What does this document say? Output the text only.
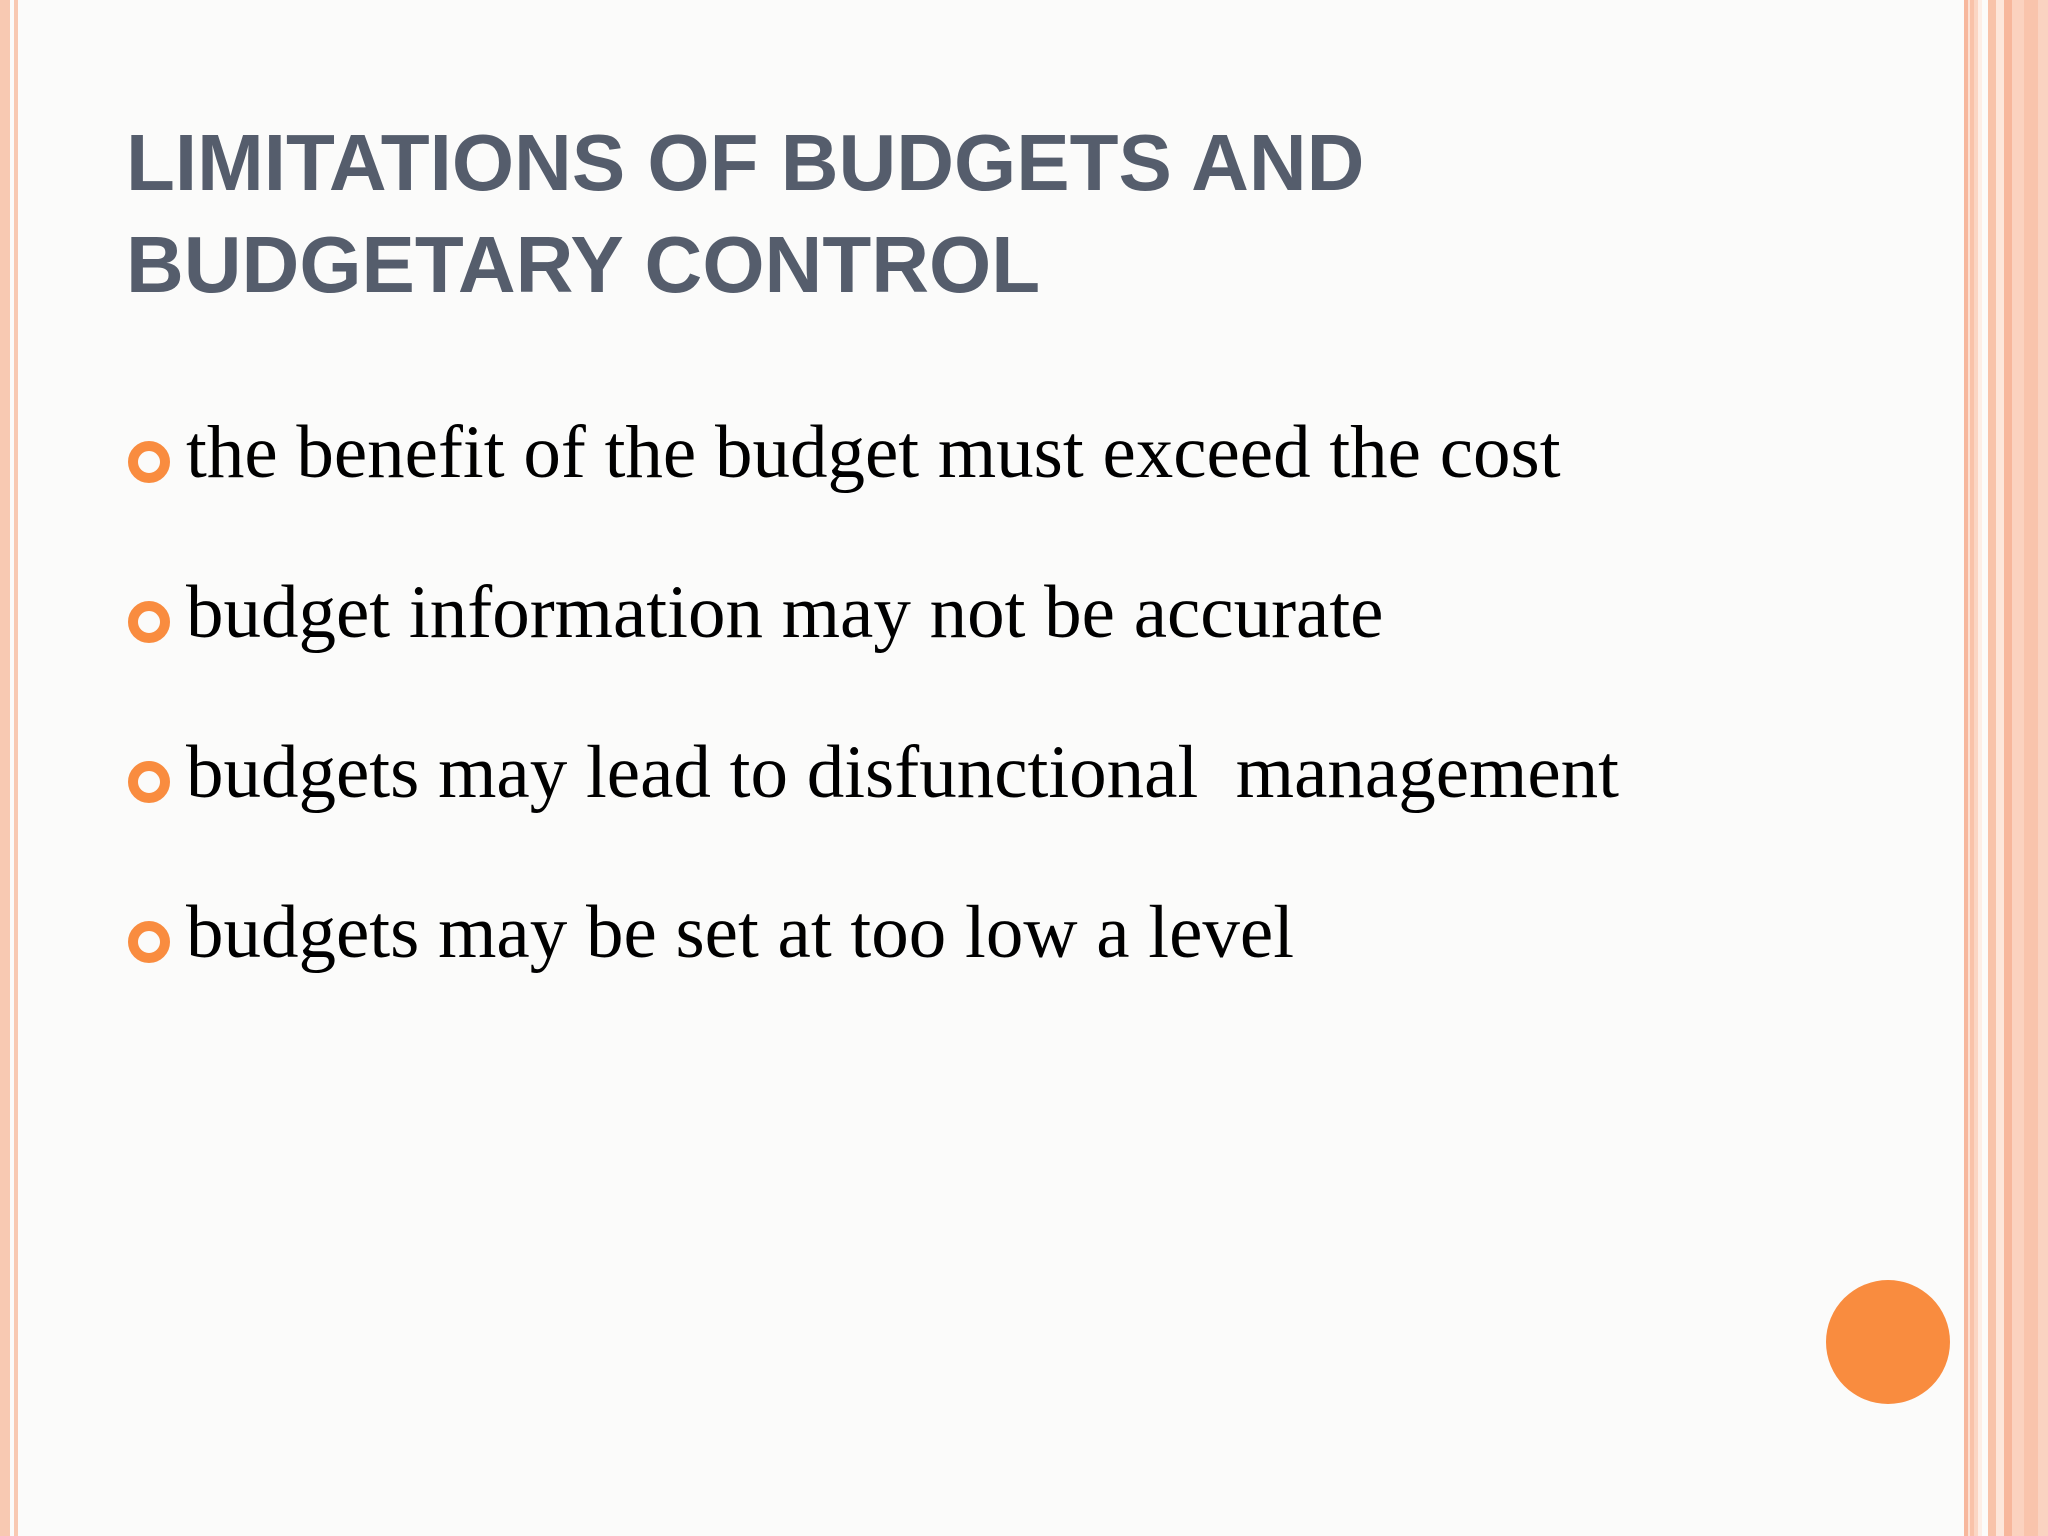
LIMITATIONS OF BUDGETS AND BUDGETARY CONTROL
the benefit of the budget must exceed the cost
budget information may not be accurate
budgets may lead to disfunctional  management
budgets may be set at too low a level
